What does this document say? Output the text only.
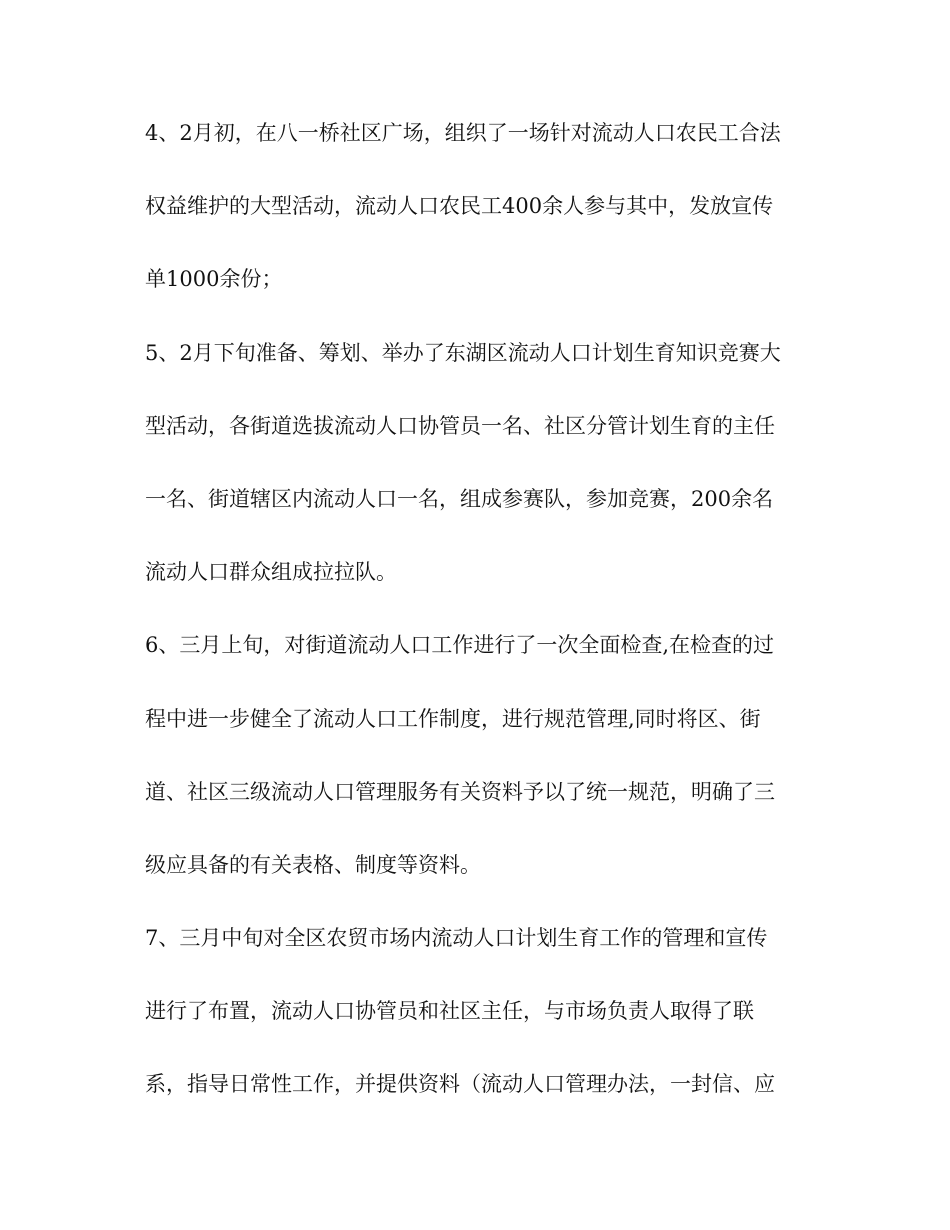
4、2月初，在八一桥社区广场，组织了一场针对流动人口农民工合法
权益维护的大型活动，流动人口农民工400余人参与其中，发放宣传
单1000余份；
5、2月下旬准备、筹划、举办了东湖区流动人口计划生育知识竞赛大
型活动，各街道选拔流动人口协管员一名、社区分管计划生育的主任
一名、街道辖区内流动人口一名，组成参赛队，参加竞赛，200余名
流动人口群众组成拉拉队。
6、三月上旬，对街道流动人口工作进行了一次全面检查,在检查的过
程中进一步健全了流动人口工作制度，进行规范管理,同时将区、街
道、社区三级流动人口管理服务有关资料予以了统一规范，明确了三
级应具备的有关表格、制度等资料。
7、三月中旬对全区农贸市场内流动人口计划生育工作的管理和宣传
进行了布置，流动人口协管员和社区主任，与市场负责人取得了联
系，指导日常性工作，并提供资料（流动人口管理办法，一封信、应
